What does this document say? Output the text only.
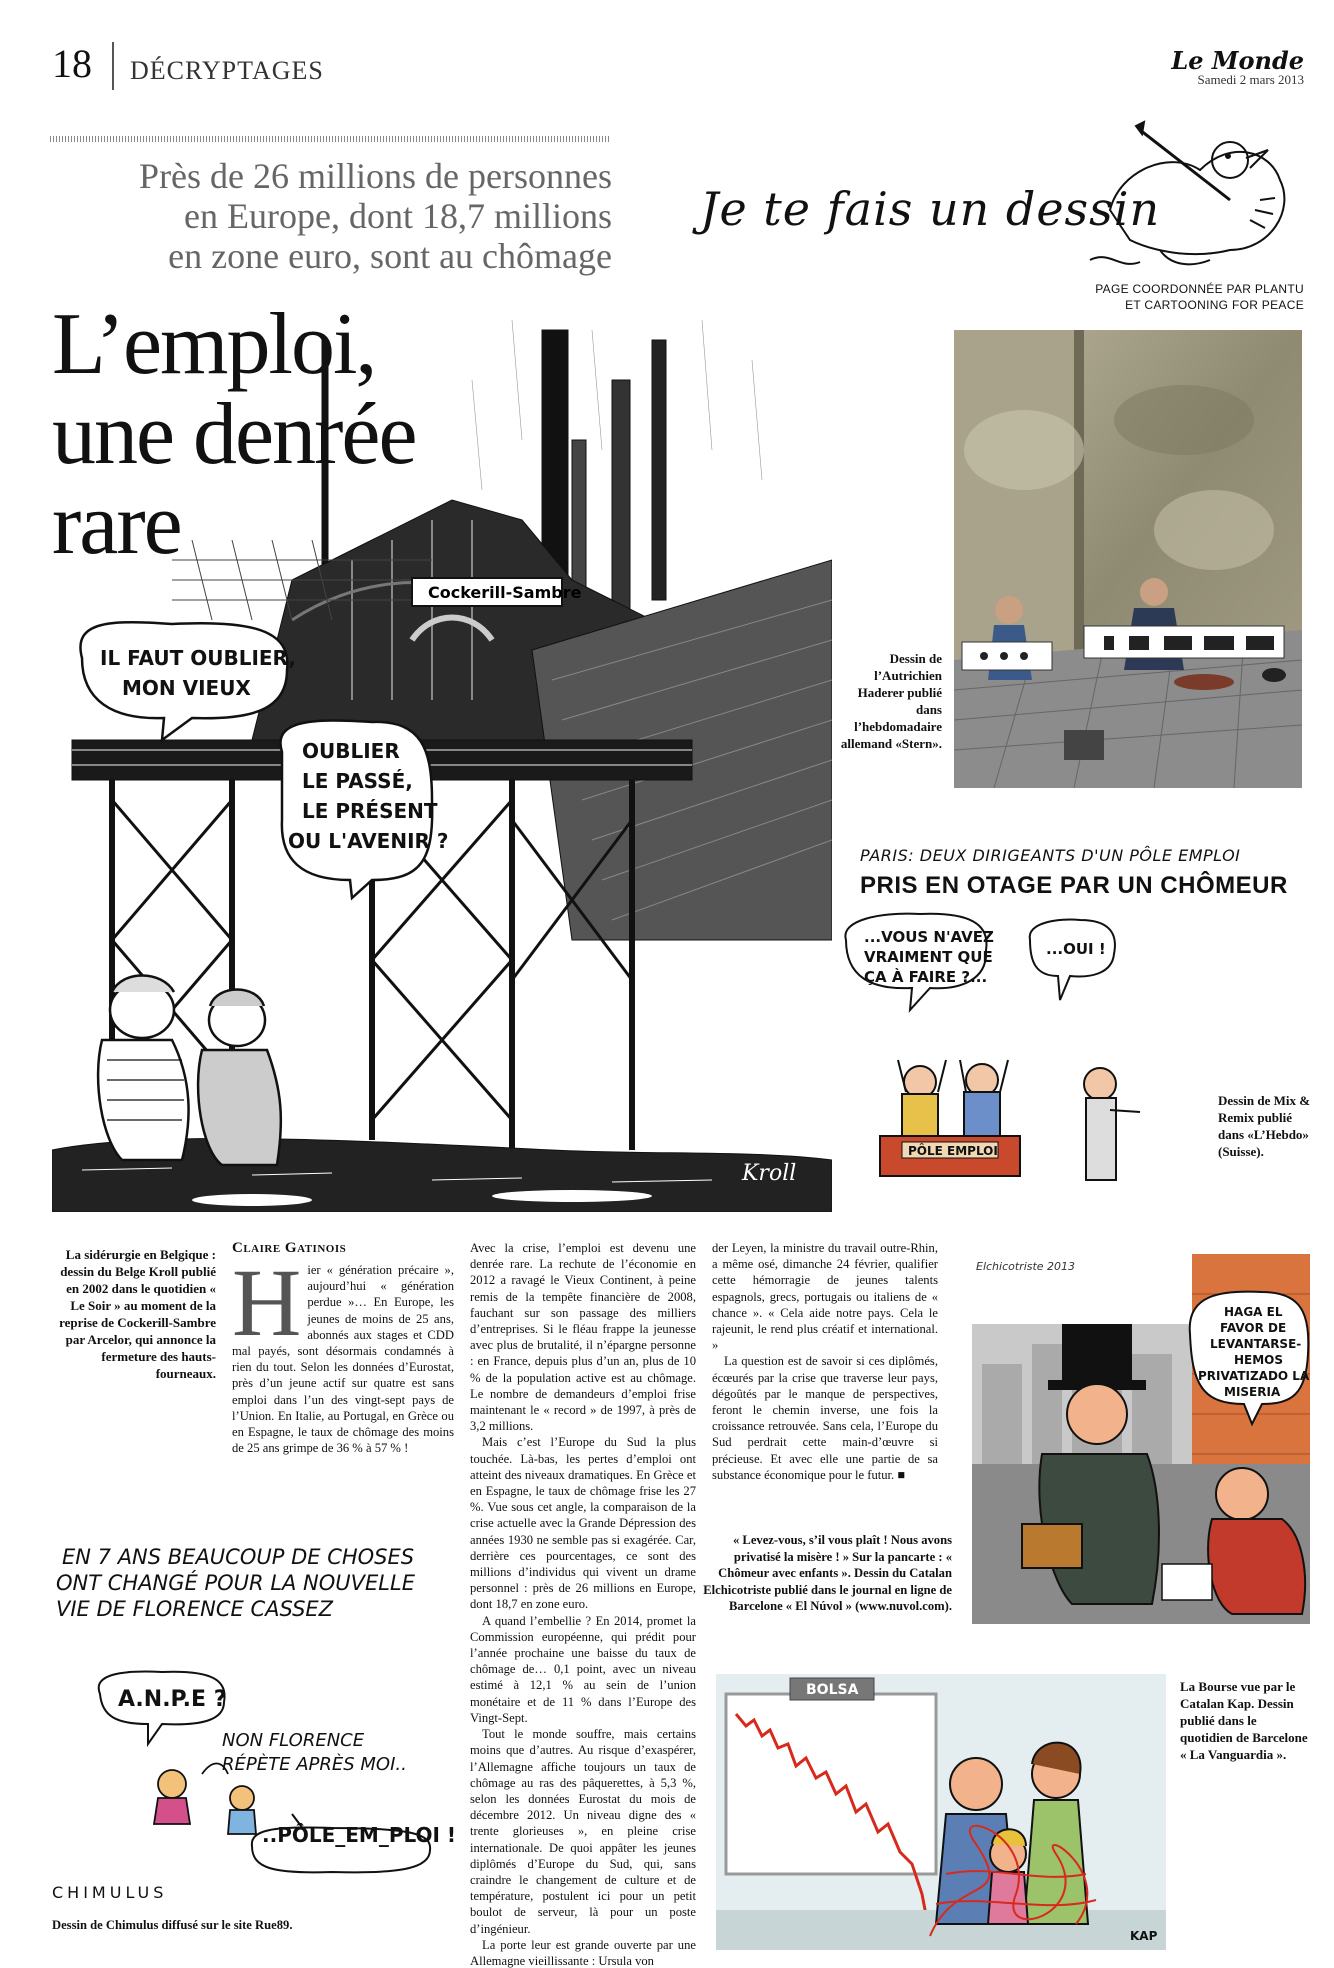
18 DÉCRYPTAGES	Le Monde
Samedi 2 mars 2013
Près de 26 millions de personnes
en Europe, dont 18,7 millions
en zone euro, sont au chômage
Je te fais un dessin
PAGE COORDONNÉE PAR PLANTU
ET CARTOONING FOR PEACE
Cockerill-Sambre
IL FAUT OUBLIER,
MON VIEUX
OUBLIER
LE PASSÉ,
LE PRÉSENT
OU L'AVENIR ?
Kroll
L’emploi,
une denrée
rare
Dessin de l’Autrichien Haderer publié dans l’hebdomadaire allemand «Stern».
PARIS: DEUX DIRIGEANTS D'UN PÔLE EMPLOI
PRIS EN OTAGE PAR UN CHÔMEUR
...VOUS N'AVEZ
VRAIMENT QUE
ÇA À FAIRE ?...
...OUI !
PÔLE EMPLOI
Dessin de Mix & Remix publié dans «L’Hebdo» (Suisse).
La sidérurgie en Belgique : dessin du Belge Kroll publié en 2002 dans le quotidien « Le Soir » au moment de la reprise de Cockerill-Sambre par Arcelor, qui annonce la fermeture des hauts-fourneaux.
Claire Gatinois

Hier « génération précaire », aujourd’hui « génération perdue »… En Europe, les jeunes de moins de 25 ans, abonnés aux stages et CDD mal payés, sont désormais condamnés à rien du tout. Selon les données d’Eurostat, près d’un jeune actif sur quatre est sans emploi dans l’un des vingt-sept pays de l’Union. En Italie, au Portugal, en Grèce ou en Espagne, le taux de chômage des moins de 25 ans grimpe de 36 % à 57 % !

Avec la crise, l’emploi est devenu une denrée rare. La rechute de l’économie en 2012 a ravagé le Vieux Continent, à peine remis de la tempête financière de 2008, fauchant sur son passage des milliers d’entreprises. Si le fléau frappe la jeunesse avec plus de brutalité, il n’épargne personne : en France, depuis plus d’un an, plus de 10 % de la population active est au chômage. Le nombre de demandeurs d’emploi frise maintenant le « record » de 1997, à près de 3,2 millions.

Mais c’est l’Europe du Sud la plus touchée. Là-bas, les pertes d’emploi ont atteint des niveaux dramatiques. En Grèce et en Espagne, le taux de chômage frise les 27 %. Vue sous cet angle, la comparaison de la crise actuelle avec la Grande Dépression des années 1930 ne semble pas si exagérée. Car, derrière ces pourcentages, ce sont des millions d’individus qui vivent un drame personnel : près de 26 millions en Europe, dont 18,7 en zone euro.

A quand l’embellie ? En 2014, promet la Commission européenne, qui prédit pour l’année prochaine une baisse du taux de chômage de… 0,1 point, avec un niveau estimé à 12,1 % au sein de l’union monétaire et de 11 % dans l’Europe des Vingt-Sept.

Tout le monde souffre, mais certains moins que d’autres. Au risque d’exaspérer, l’Allemagne affiche toujours un taux de chômage au ras des pâquerettes, à 5,3 %, selon les données Eurostat du mois de décembre 2012. Un niveau digne des « trente glorieuses », en pleine crise internationale. De quoi appâter les jeunes diplômés d’Europe du Sud, qui, sans craindre le changement de culture et de température, postulent ici pour un petit boulot de serveur, là pour un poste d’ingénieur.

La porte leur est grande ouverte par une Allemagne vieillissante : Ursula von

der Leyen, la ministre du travail outre-Rhin, a même osé, dimanche 24 février, qualifier cette hémorragie de jeunes talents espagnols, grecs, portugais ou italiens de « chance ». « Cela aide notre pays. Cela le rajeunit, le rend plus créatif et international. »

La question est de savoir si ces diplômés, écœurés par la crise que traverse leur pays, dégoûtés par le manque de perspectives, feront le chemin inverse, une fois la croissance retrouvée. Sans cela, l’Europe du Sud perdrait cette main-d’œuvre si précieuse. Et avec elle une partie de sa substance économique pour le futur. ■

HAGA EL
FAVOR DE
LEVANTARSE-
HEMOS
PRIVATIZADO LA
MISERIA
Elchicotriste 2013
« Levez-vous, s’il vous plaît ! Nous avons privatisé la misère ! » Sur la pancarte : « Chômeur avec enfants ». Dessin du Catalan Elchicotriste publié dans le journal en ligne de Barcelone « El Núvol » (www.nuvol.com).
EN 7 ANS BEAUCOUP DE CHOSES
ONT CHANGÉ POUR LA NOUVELLE
VIE DE FLORENCE CASSEZ
A.N.P.E ?
..PÔLE_EM_PLOI !
NON FLORENCE
RÉPÈTE APRÈS MOI..
CHIMULUS
Dessin de Chimulus diffusé sur le site Rue89.
BOLSA
KAP
La Bourse vue par le Catalan Kap. Dessin publié dans le quotidien de Barcelone « La Vanguardia ».
